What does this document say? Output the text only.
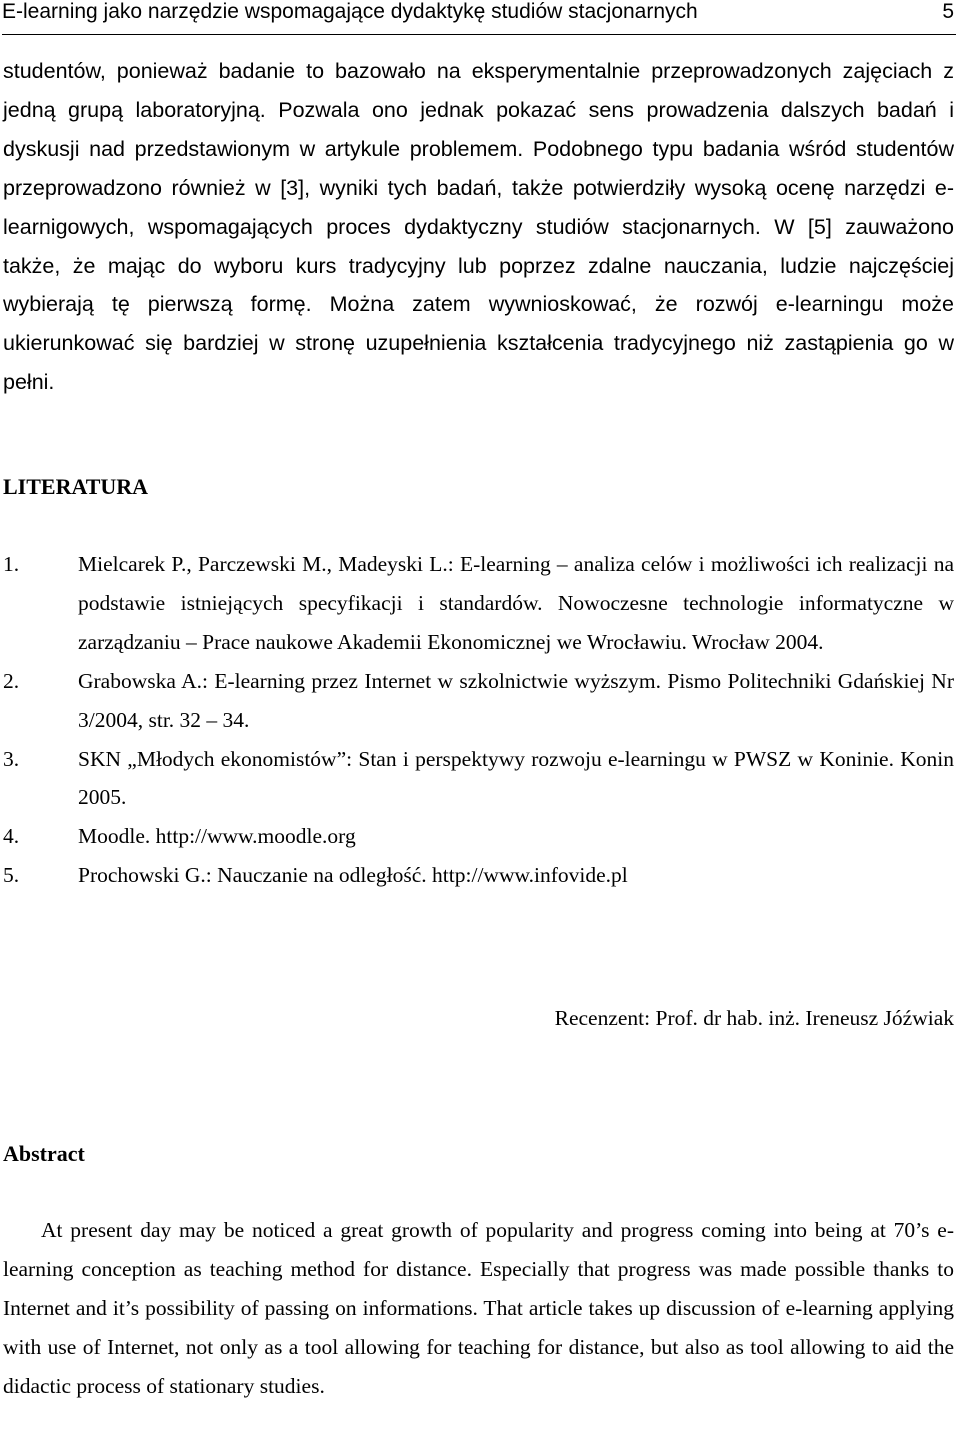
E-learning jako narzędzie wspomagające dydaktykę studiów stacjonarnych	5

studentów, ponieważ badanie to bazowało na eksperymentalnie przeprowadzonych zajęciach z jedną grupą laboratoryjną. Pozwala ono jednak pokazać sens prowadzenia dalszych badań i dyskusji nad przedstawionym w artykule problemem. Podobnego typu badania wśród studentów przeprowadzono również w [3], wyniki tych badań, także potwierdziły wysoką ocenę narzędzi e-learnigowych, wspomagających proces dydaktyczny studiów stacjonarnych. W [5] zauważono także, że mając do wyboru kurs tradycyjny lub poprzez zdalne nauczania, ludzie najczęściej wybierają tę pierwszą formę. Można zatem wywnioskować, że rozwój e-learningu może ukierunkować się bardziej w stronę uzupełnienia kształcenia tradycyjnego niż zastąpienia go w pełni.

LITERATURA
1.	Mielcarek P., Parczewski M., Madeyski L.: E-learning – analiza celów i możliwości ich realizacji na podstawie istniejących specyfikacji i standardów. Nowoczesne technologie informatyczne w zarządzaniu – Prace naukowe Akademii Ekonomicznej we Wrocławiu. Wrocław 2004.
2.	Grabowska A.: E-learning przez Internet w szkolnictwie wyższym. Pismo Politechniki Gdańskiej Nr 3/2004, str. 32 – 34.
3.	SKN „Młodych ekonomistów”: Stan i perspektywy rozwoju e-learningu w PWSZ w Koninie. Konin 2005.
4.	Moodle. http://www.moodle.org
5.	Prochowski G.: Nauczanie na odległość. http://www.infovide.pl
Recenzent: Prof. dr hab. inż. Ireneusz Jóźwiak
Abstract

At present day may be noticed a great growth of popularity and progress coming into being at 70’s e-learning conception as teaching method for distance. Especially that progress was made possible thanks to Internet and it’s possibility of passing on informations. That article takes up discussion of e-learning applying with use of Internet, not only as a tool allowing for teaching for distance, but also as tool allowing to aid the didactic process of stationary studies.
